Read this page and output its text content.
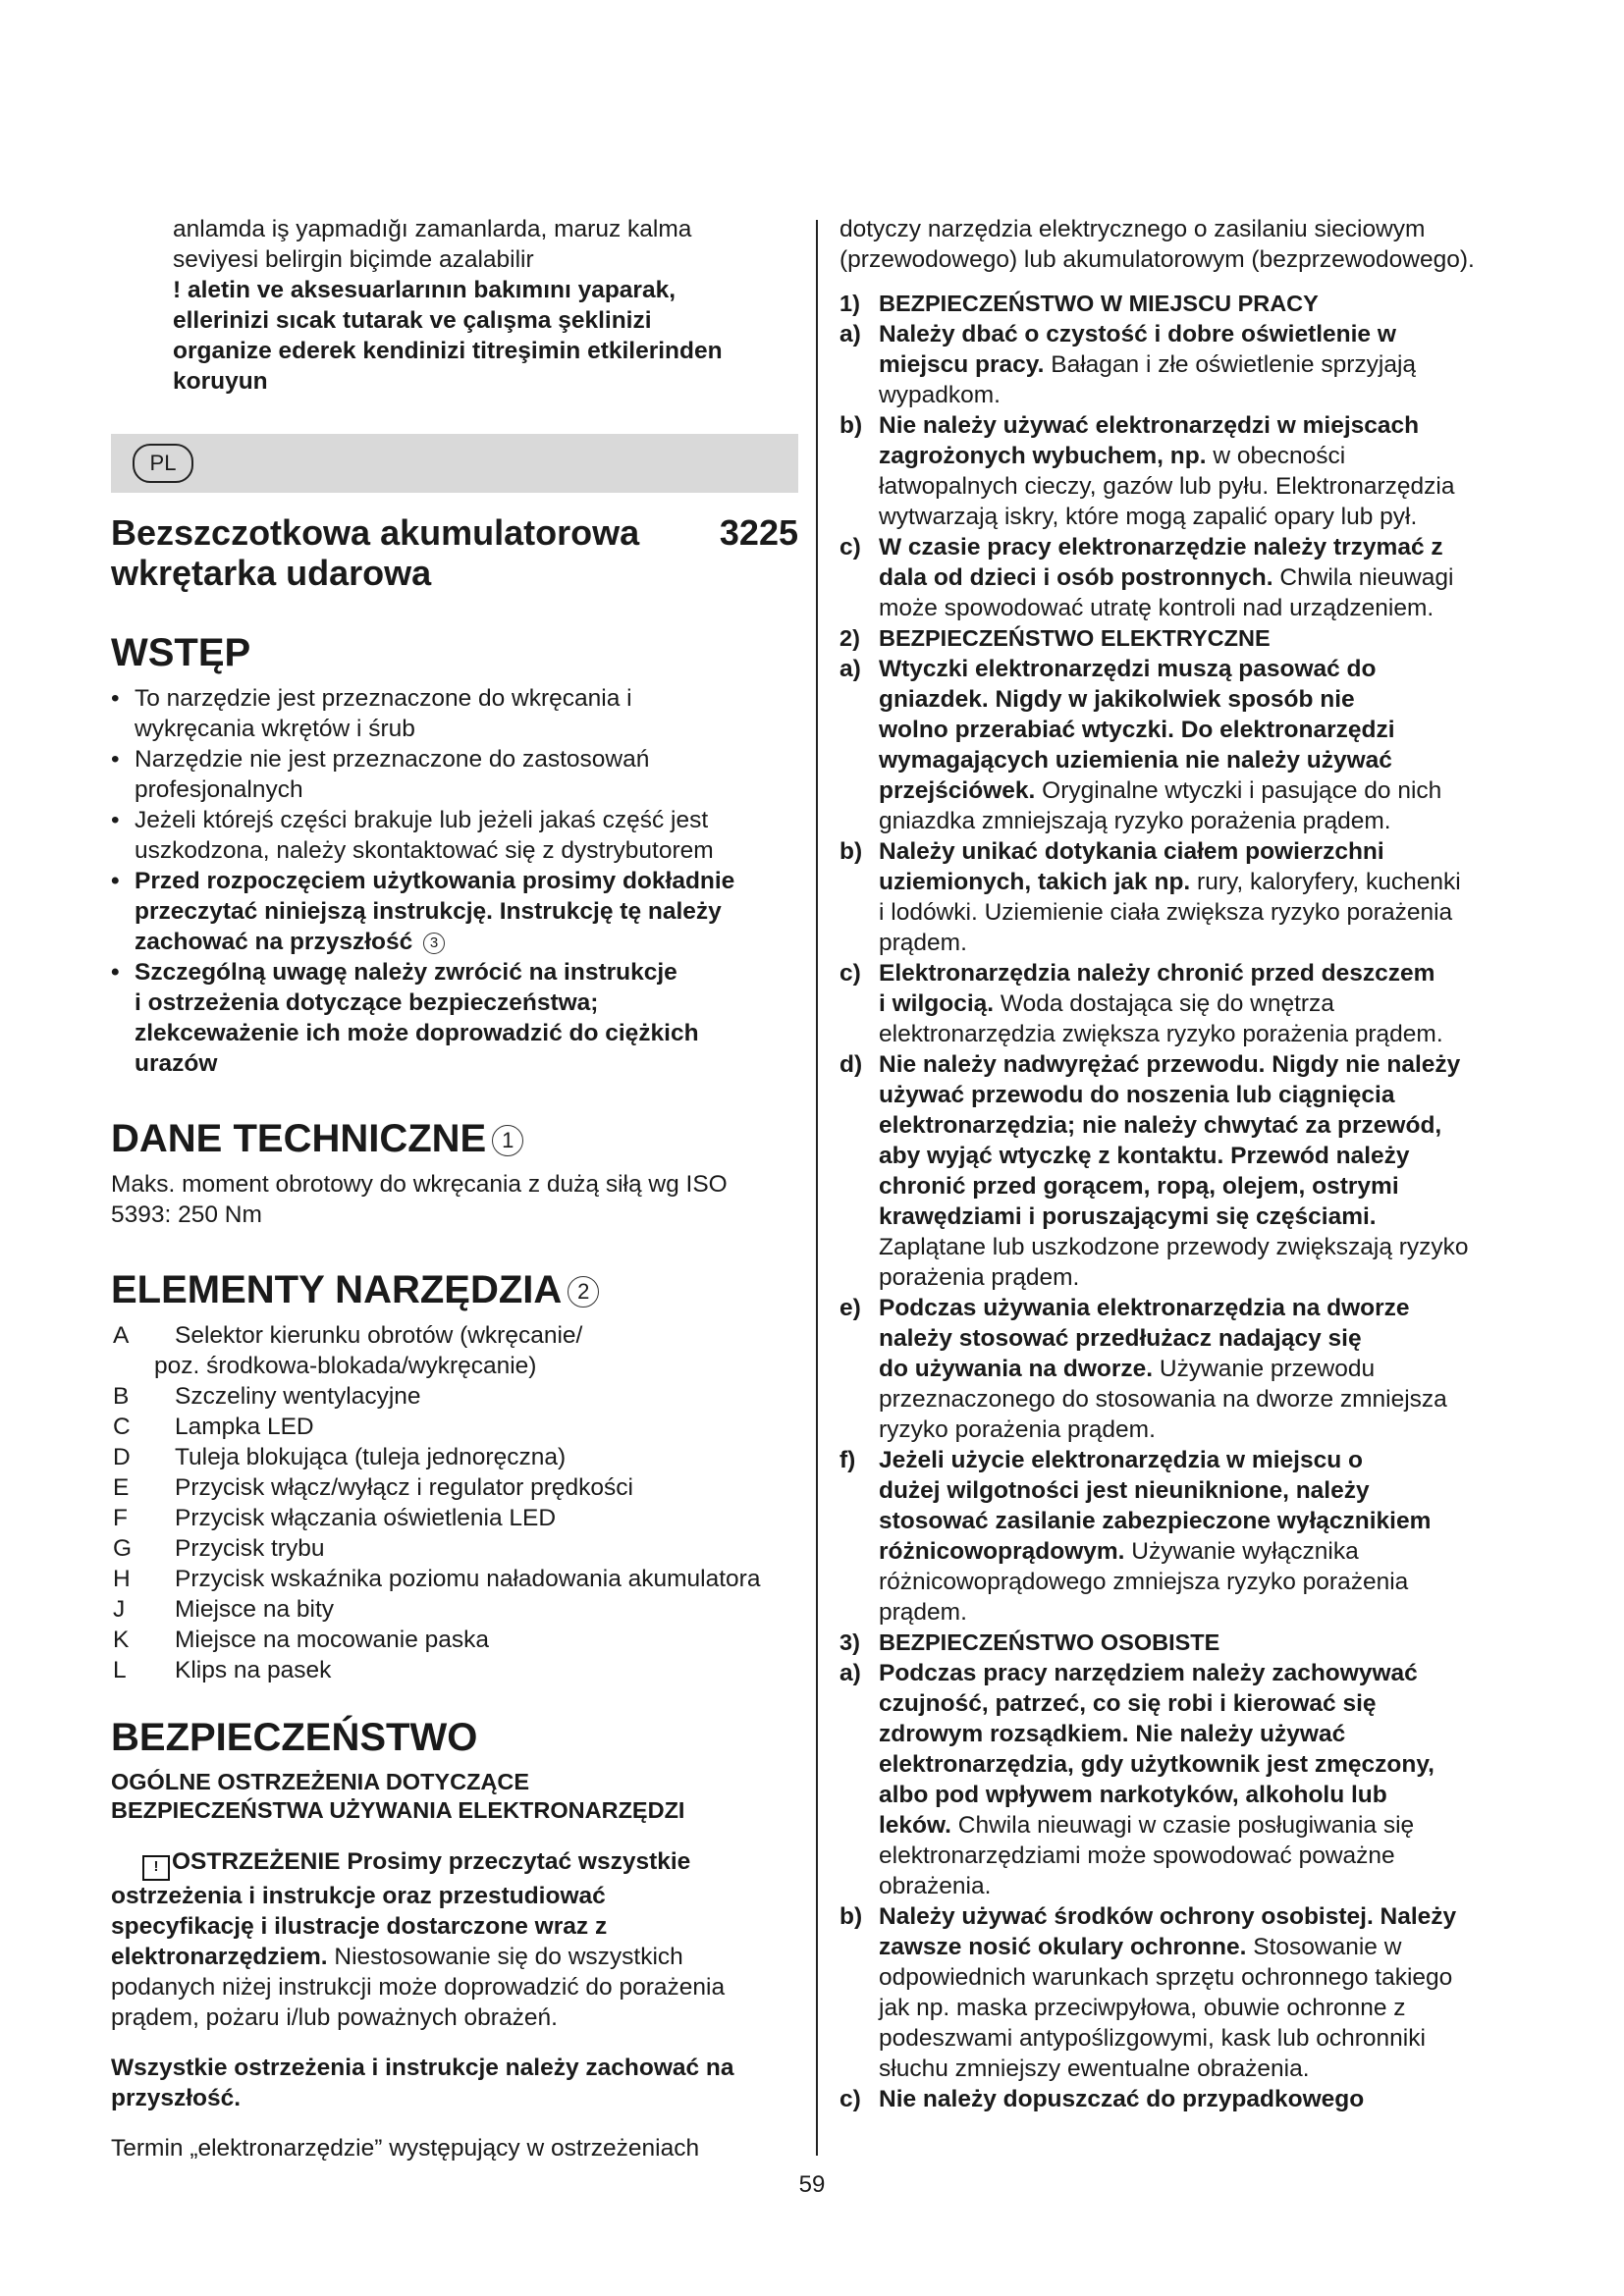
anlamda iş yapmadığı zamanlarda, maruz kalma

seviyesi belirgin biçimde azalabilir

! aletin ve aksesuarlarının bakımını yaparak,

ellerinizi sıcak tutarak ve çalışma şeklinizi

organize ederek kendinizi titreşimin etkilerinden

koruyun

PL
Bezszczotkowa akumulatorowa
wkrętarka udarowa
3225
WSTĘP
• To narzędzie jest przeznaczone do wkręcania i
wykręcania wkrętów i śrub
• Narzędzie nie jest przeznaczone do zastosowań
profesjonalnych
• Jeżeli którejś części brakuje lub jeżeli jakaś część jest
uszkodzona, należy skontaktować się z dystrybutorem
• Przed rozpoczęciem użytkowania prosimy dokładnie
przeczytać niniejszą instrukcję. Instrukcję tę należy
zachować na przyszłość 3
• Szczególną uwagę należy zwrócić na instrukcje
i ostrzeżenia dotyczące bezpieczeństwa;
zlekceważenie ich może doprowadzić do ciężkich
urazów
DANE TECHNICZNE 1

Maks. moment obrotowy do wkręcania z dużą siłą wg ISO

5393: 250 Nm

ELEMENTY NARZĘDZIA 2
A Selektor kierunku obrotów (wkręcanie/
poz. środkowa-blokada/wykręcanie)
B Szczeliny wentylacyjne
C Lampka LED
D Tuleja blokująca (tuleja jednoręczna)
E Przycisk włącz/wyłącz i regulator prędkości
F Przycisk włączania oświetlenia LED
G Przycisk trybu
H Przycisk wskaźnika poziomu naładowania akumulatora
J Miejsce na bity
K Miejsce na mocowanie paska
L Klips na pasek
BEZPIECZEŃSTWO
OGÓLNE OSTRZEŻENIA DOTYCZĄCE
BEZPIECZEŃSTWA UŻYWANIA ELEKTRONARZĘDZI

! OSTRZEŻENIE Prosimy przeczytać wszystkie

ostrzeżenia i instrukcje oraz przestudiować

specyfikację i ilustracje dostarczone wraz z

elektronarzędziem. Niestosowanie się do wszystkich

podanych niżej instrukcji może doprowadzić do porażenia

prądem, pożaru i/lub poważnych obrażeń.

Wszystkie ostrzeżenia i instrukcje należy zachować na

przyszłość.

Termin „elektronarzędzie” występujący w ostrzeżeniach

dotyczy narzędzia elektrycznego o zasilaniu sieciowym

(przewodowego) lub akumulatorowym (bezprzewodowego).

1) BEZPIECZEŃSTWO W MIEJSCU PRACY
a) Należy dbać o czystość i dobre oświetlenie w
miejscu pracy. Bałagan i złe oświetlenie sprzyjają
wypadkom.
b) Nie należy używać elektronarzędzi w miejscach
zagrożonych wybuchem, np. w obecności
łatwopalnych cieczy, gazów lub pyłu. Elektronarzędzia
wytwarzają iskry, które mogą zapalić opary lub pył.
c) W czasie pracy elektronarzędzie należy trzymać z
dala od dzieci i osób postronnych. Chwila nieuwagi
może spowodować utratę kontroli nad urządzeniem.
2) BEZPIECZEŃSTWO ELEKTRYCZNE
a) Wtyczki elektronarzędzi muszą pasować do
gniazdek. Nigdy w jakikolwiek sposób nie
wolno przerabiać wtyczki. Do elektronarzędzi
wymagających uziemienia nie należy używać
przejściówek. Oryginalne wtyczki i pasujące do nich
gniazdka zmniejszają ryzyko porażenia prądem.
b) Należy unikać dotykania ciałem powierzchni
uziemionych, takich jak np. rury, kaloryfery, kuchenki
i lodówki. Uziemienie ciała zwiększa ryzyko porażenia
prądem.
c) Elektronarzędzia należy chronić przed deszczem
i wilgocią. Woda dostająca się do wnętrza
elektronarzędzia zwiększa ryzyko porażenia prądem.
d) Nie należy nadwyrężać przewodu. Nigdy nie należy
używać przewodu do noszenia lub ciągnięcia
elektronarzędzia; nie należy chwytać za przewód,
aby wyjąć wtyczkę z kontaktu. Przewód należy
chronić przed gorącem, ropą, olejem, ostrymi
krawędziami i poruszającymi się częściami.
Zaplątane lub uszkodzone przewody zwiększają ryzyko
porażenia prądem.
e) Podczas używania elektronarzędzia na dworze
należy stosować przedłużacz nadający się
do używania na dworze. Używanie przewodu
przeznaczonego do stosowania na dworze zmniejsza
ryzyko porażenia prądem.
f) Jeżeli użycie elektronarzędzia w miejscu o
dużej wilgotności jest nieuniknione, należy
stosować zasilanie zabezpieczone wyłącznikiem
różnicowoprądowym. Używanie wyłącznika
różnicowoprądowego zmniejsza ryzyko porażenia
prądem.
3) BEZPIECZEŃSTWO OSOBISTE
a) Podczas pracy narzędziem należy zachowywać
czujność, patrzeć, co się robi i kierować się
zdrowym rozsądkiem. Nie należy używać
elektronarzędzia, gdy użytkownik jest zmęczony,
albo pod wpływem narkotyków, alkoholu lub
leków. Chwila nieuwagi w czasie posługiwania się
elektronarzędziami może spowodować poważne
obrażenia.
b) Należy używać środków ochrony osobistej. Należy
zawsze nosić okulary ochronne. Stosowanie w
odpowiednich warunkach sprzętu ochronnego takiego
jak np. maska przeciwpyłowa, obuwie ochronne z
podeszwami antypoślizgowymi, kask lub ochronniki
słuchu zmniejszy ewentualne obrażenia.
c) Nie należy dopuszczać do przypadkowego
59
